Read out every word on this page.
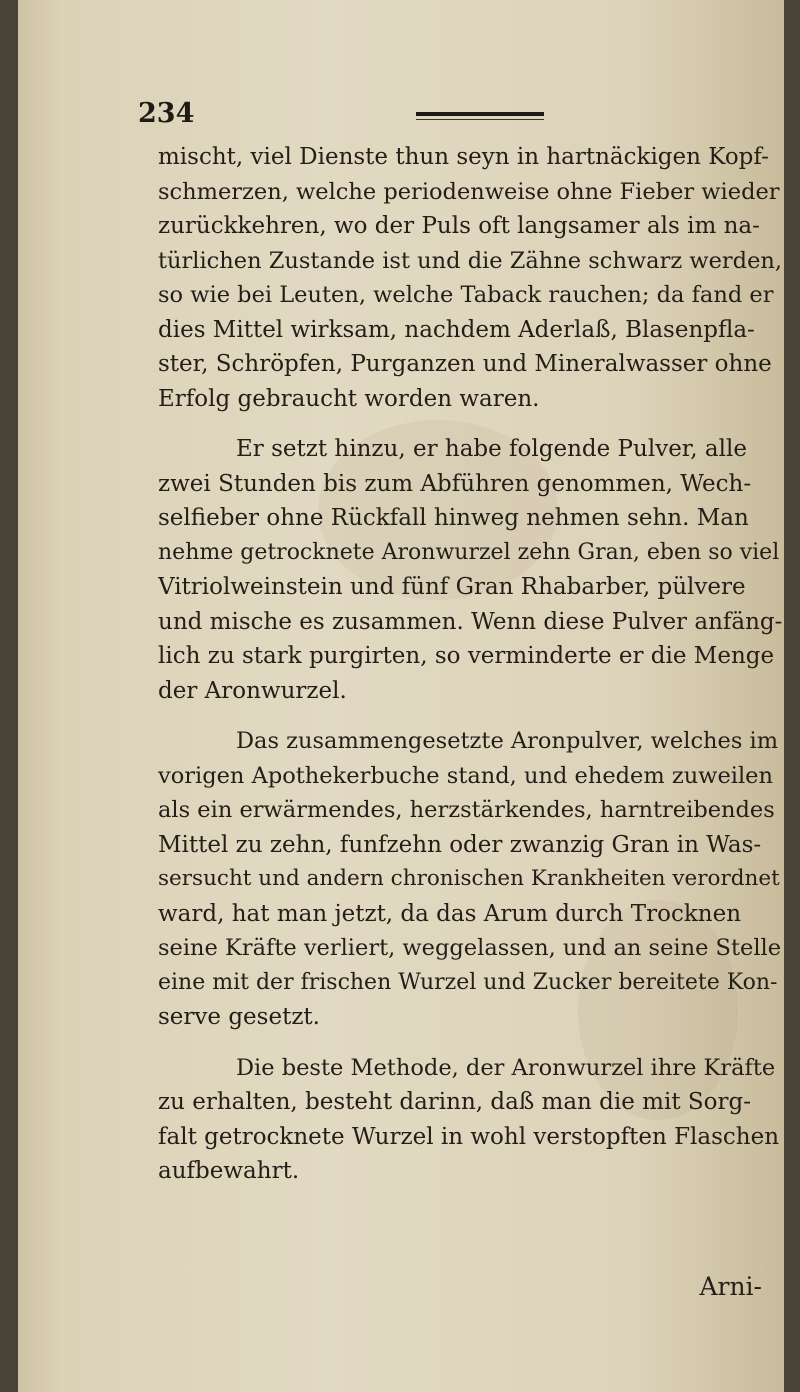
234

mischt, viel Dienste thun seyn in hartnäckigen Kopf-
schmerzen, welche periodenweise ohne Fieber wieder
zurückkehren, wo der Puls oft langsamer als im na-
türlichen Zustande ist und die Zähne schwarz werden,
so wie bei Leuten, welche Taback rauchen; da fand er
dies Mittel wirksam, nachdem Aderlaß, Blasenpfla-
ster, Schröpfen, Purganzen und Mineralwasser ohne
Erfolg gebraucht worden waren.

Er setzt hinzu, er habe folgende Pulver, alle
zwei Stunden bis zum Abführen genommen, Wech-
selfieber ohne Rückfall hinweg nehmen sehn. Man
nehme getrocknete Aronwurzel zehn Gran, eben so viel
Vitriolweinstein und fünf Gran Rhabarber, pülvere
und mische es zusammen. Wenn diese Pulver anfäng-
lich zu stark purgirten, so verminderte er die Menge
der Aronwurzel.

Das zusammengesetzte Aronpulver, welches im
vorigen Apothekerbuche stand, und ehedem zuweilen
als ein erwärmendes, herzstärkendes, harntreibendes
Mittel zu zehn, funfzehn oder zwanzig Gran in Was-
sersucht und andern chronischen Krankheiten verordnet
ward, hat man jetzt, da das Arum durch Trocknen
seine Kräfte verliert, weggelassen, und an seine Stelle
eine mit der frischen Wurzel und Zucker bereitete Kon-
serve gesetzt.

Die beste Methode, der Aronwurzel ihre Kräfte
zu erhalten, besteht darinn, daß man die mit Sorg-
falt getrocknete Wurzel in wohl verstopften Flaschen
aufbewahrt.

Arni-
